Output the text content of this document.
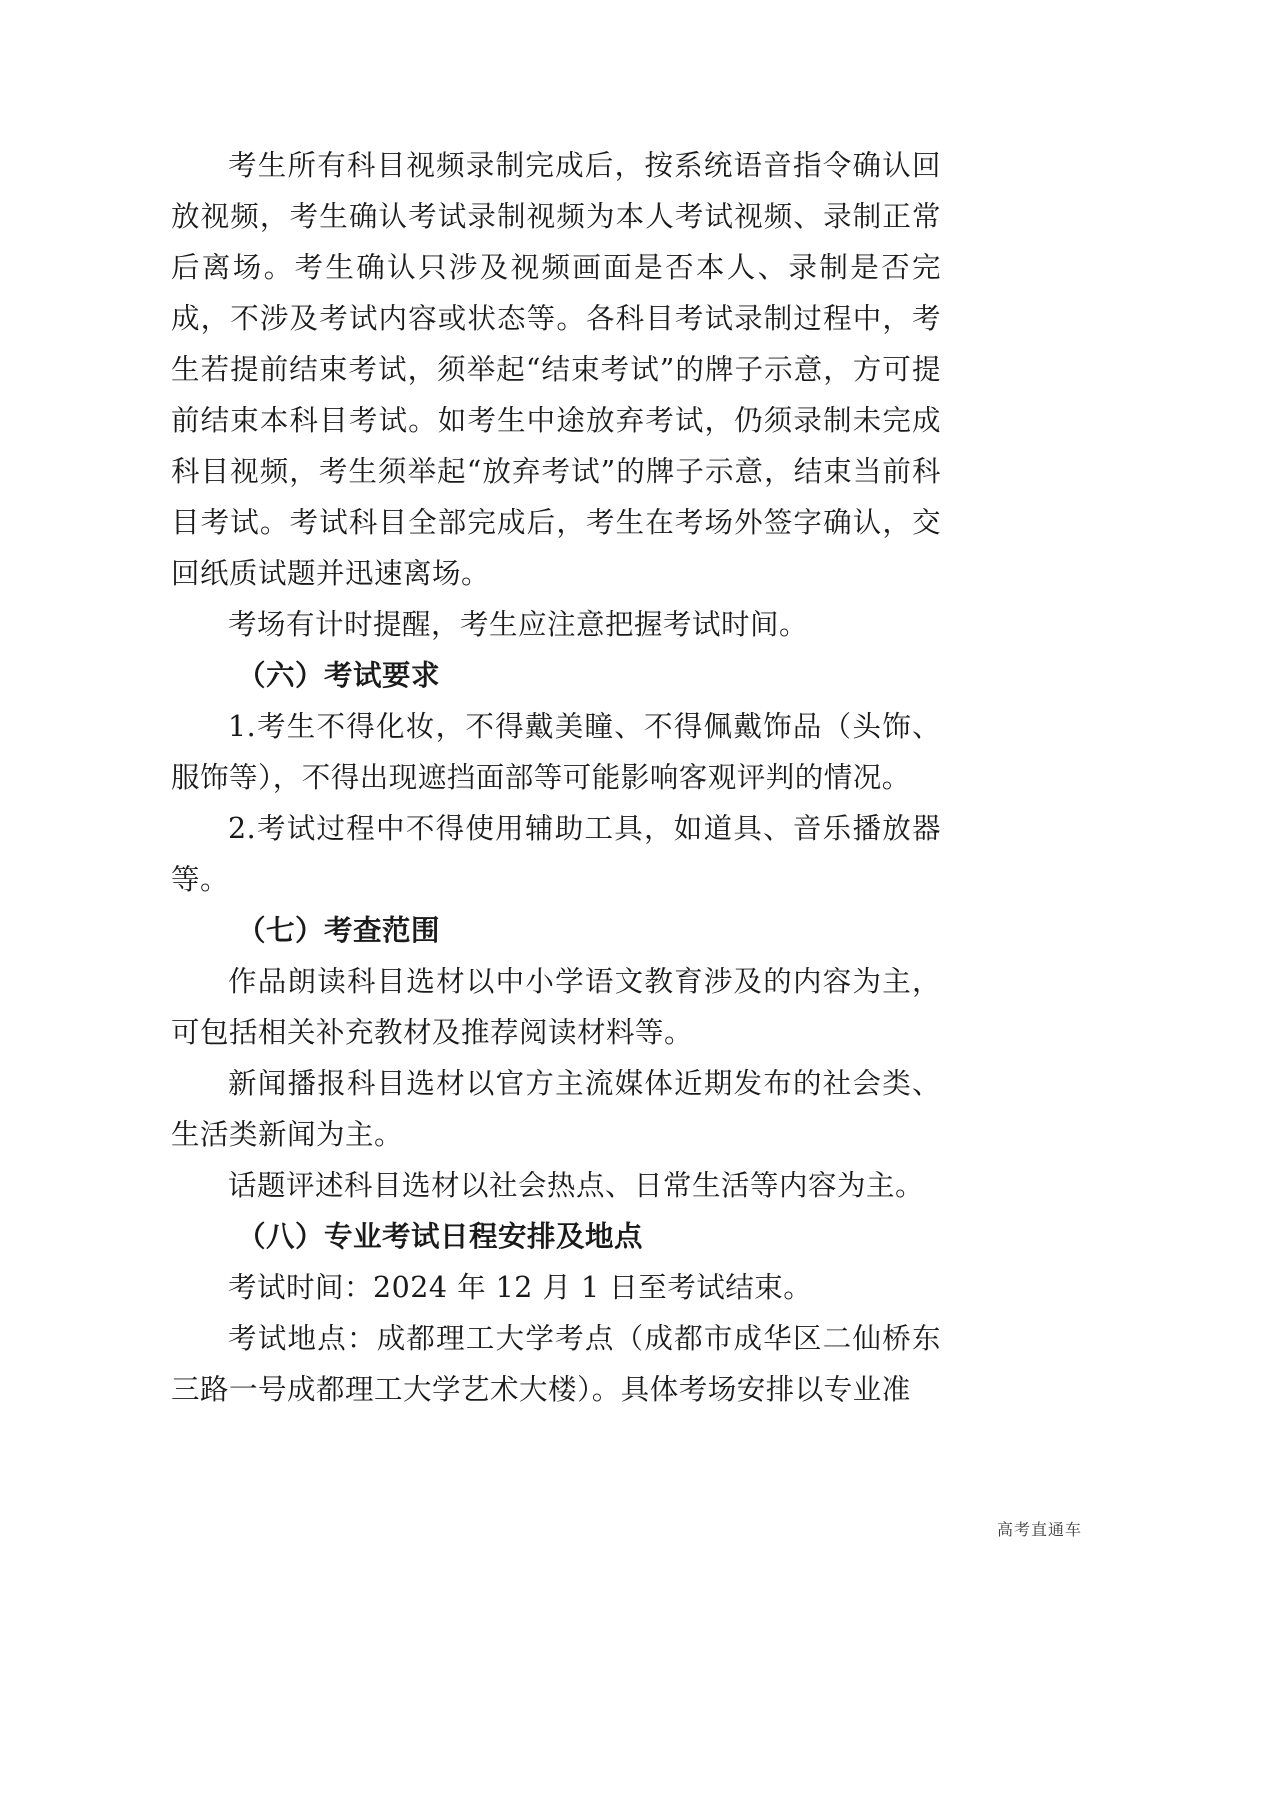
考生所有科目视频录制完成后，按系统语音指令确认回放视频，考生确认考试录制视频为本人考试视频、录制正常后离场。考生确认只涉及视频画面是否本人、录制是否完成，不涉及考试内容或状态等。各科目考试录制过程中，考生若提前结束考试，须举起“结束考试”的牌子示意，方可提前结束本科目考试。如考生中途放弃考试，仍须录制未完成科目视频，考生须举起“放弃考试”的牌子示意，结束当前科目考试。考试科目全部完成后，考生在考场外签字确认，交回纸质试题并迅速离场。

考场有计时提醒，考生应注意把握考试时间。

（六）考试要求

1.考生不得化妆，不得戴美瞳、不得佩戴饰品（头饰、服饰等），不得出现遮挡面部等可能影响客观评判的情况。

2.考试过程中不得使用辅助工具，如道具、音乐播放器等。

（七）考查范围

作品朗读科目选材以中小学语文教育涉及的内容为主，可包括相关补充教材及推荐阅读材料等。

新闻播报科目选材以官方主流媒体近期发布的社会类、生活类新闻为主。

话题评述科目选材以社会热点、日常生活等内容为主。

（八）专业考试日程安排及地点

考试时间：2024 年 12 月 1 日至考试结束。

考试地点：成都理工大学考点（成都市成华区二仙桥东三路一号成都理工大学艺术大楼）。具体考场安排以专业准

高考直通车
